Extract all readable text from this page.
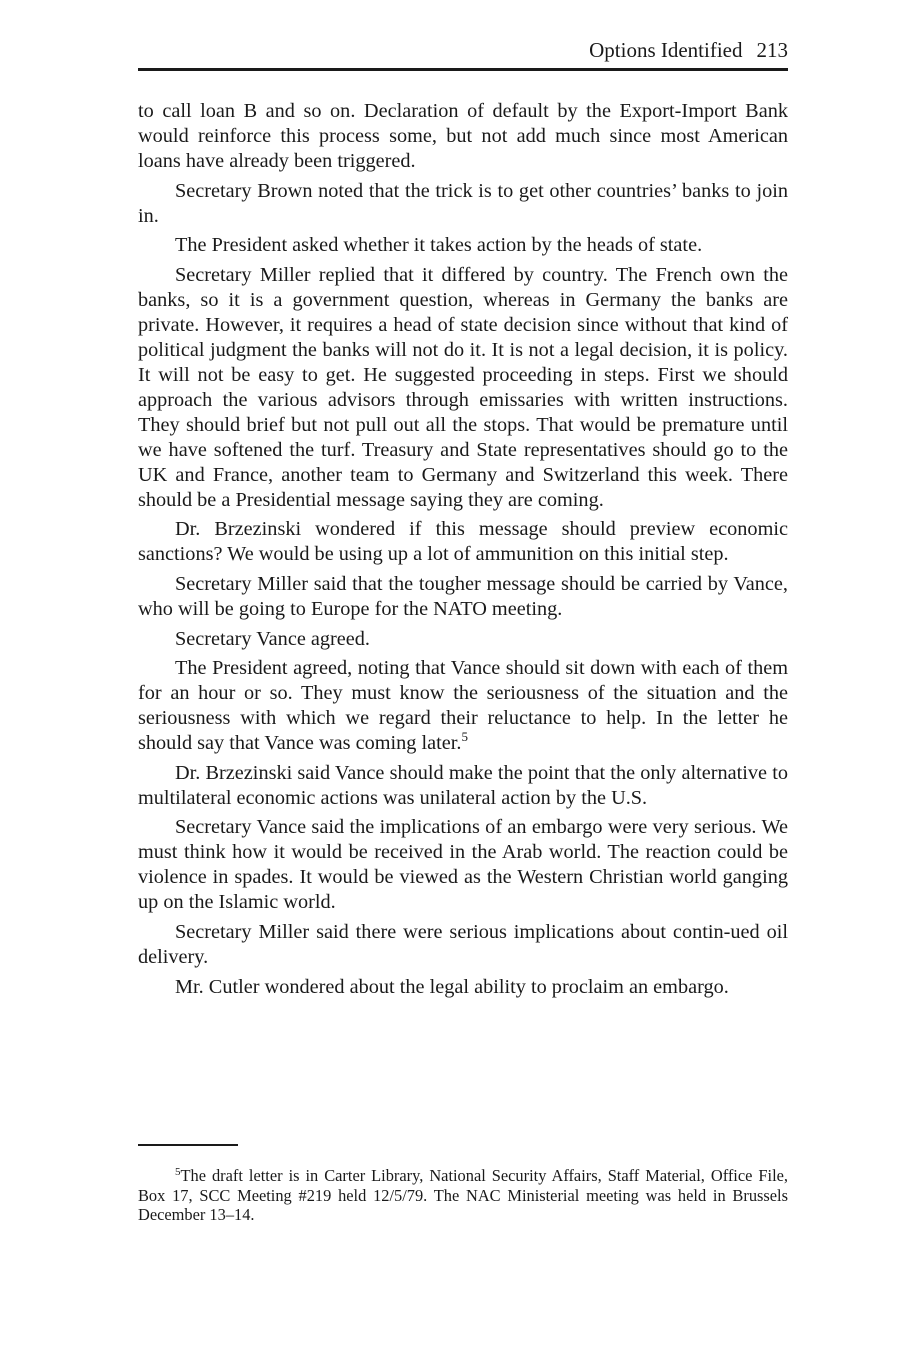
Options Identified 213

to call loan B and so on. Declaration of default by the Export-Import Bank would reinforce this process some, but not add much since most American loans have already been triggered.

Secretary Brown noted that the trick is to get other countries’ banks to join in.

The President asked whether it takes action by the heads of state.

Secretary Miller replied that it differed by country. The French own the banks, so it is a government question, whereas in Germany the banks are private. However, it requires a head of state decision since without that kind of political judgment the banks will not do it. It is not a legal decision, it is policy. It will not be easy to get. He suggested proceeding in steps. First we should approach the various advisors through emissaries with written instructions. They should brief but not pull out all the stops. That would be premature until we have softened the turf. Treasury and State representatives should go to the UK and France, another team to Germany and Switzerland this week. There should be a Presidential message saying they are coming.

Dr. Brzezinski wondered if this message should preview economic sanctions? We would be using up a lot of ammunition on this initial step.

Secretary Miller said that the tougher message should be carried by Vance, who will be going to Europe for the NATO meeting.

Secretary Vance agreed.

The President agreed, noting that Vance should sit down with each of them for an hour or so. They must know the seriousness of the situation and the seriousness with which we regard their reluctance to help. In the letter he should say that Vance was coming later.$^5$

Dr. Brzezinski said Vance should make the point that the only alternative to multilateral economic actions was unilateral action by the U.S.

Secretary Vance said the implications of an embargo were very serious. We must think how it would be received in the Arab world. The reaction could be violence in spades. It would be viewed as the Western Christian world ganging up on the Islamic world.

Secretary Miller said there were serious implications about contin-ued oil delivery.

Mr. Cutler wondered about the legal ability to proclaim an embargo.

$^5$The draft letter is in Carter Library, National Security Affairs, Staff Material, Office File, Box 17, SCC Meeting #219 held 12/5/79. The NAC Ministerial meeting was held in Brussels December 13–14.
